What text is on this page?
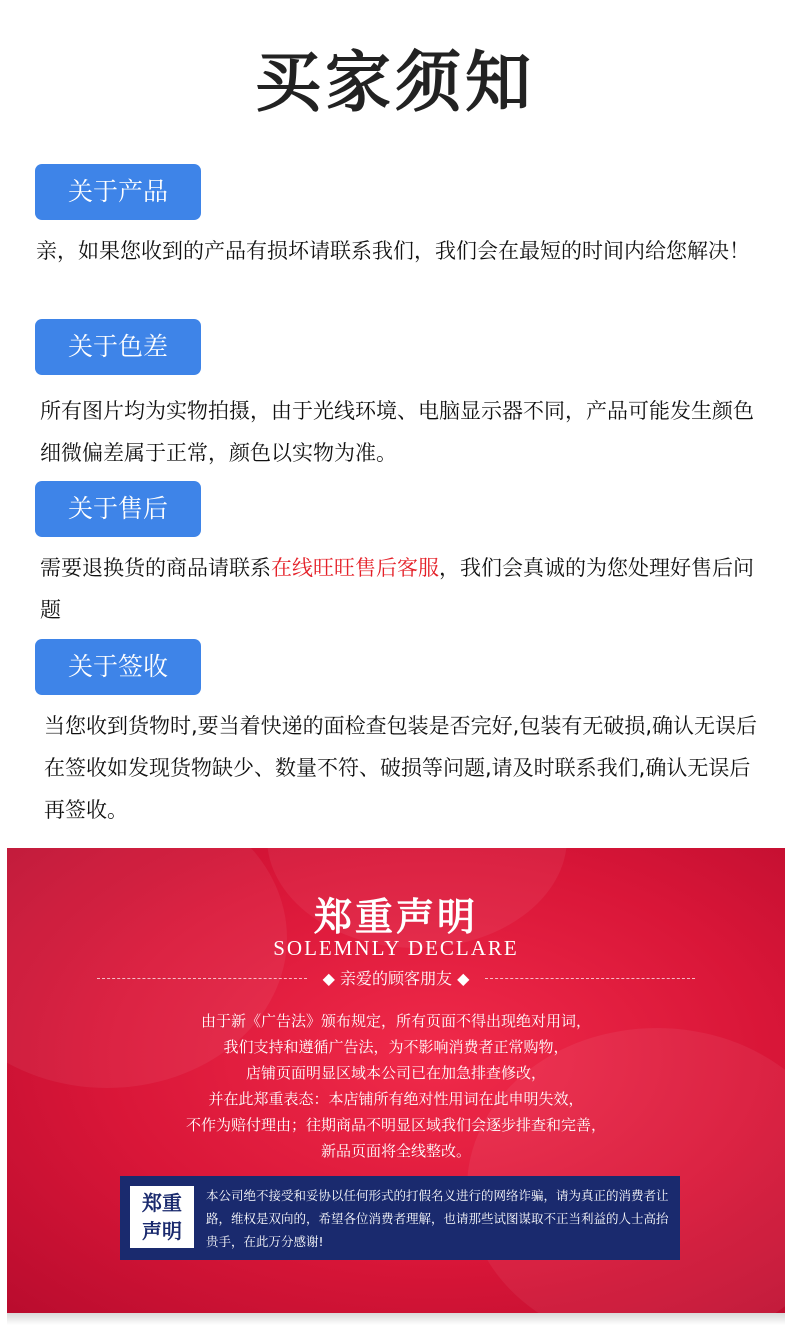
买家须知
关于产品
亲，如果您收到的产品有损坏请联系我们，我们会在最短的时间内给您解决！
关于色差
所有图片均为实物拍摄，由于光线环境、电脑显示器不同，产品可能发生颜色细微偏差属于正常，颜色以实物为准。
关于售后
需要退换货的商品请联系在线旺旺售后客服，我们会真诚的为您处理好售后问题
关于签收
当您收到货物时,要当着快递的面检查包装是否完好,包装有无破损,确认无误后在签收如发现货物缺少、数量不符、破损等问题,请及时联系我们,确认无误后再签收。
郑重声明
SOLEMNLY DECLARE
◆ 亲爱的顾客朋友 ◆
由于新《广告法》颁布规定，所有页面不得出现绝对用词，
我们支持和遵循广告法，为不影响消费者正常购物，
店铺页面明显区域本公司已在加急排查修改，
并在此郑重表态：本店铺所有绝对性用词在此申明失效，
不作为赔付理由；往期商品不明显区域我们会逐步排查和完善，
新品页面将全线整改。
郑重
声明
本公司绝不接受和妥协以任何形式的打假名义进行的网络诈骗，请为真正的消费者让路，维权是双向的，希望各位消费者理解，也请那些试图谋取不正当利益的人士高抬贵手，在此万分感谢!
